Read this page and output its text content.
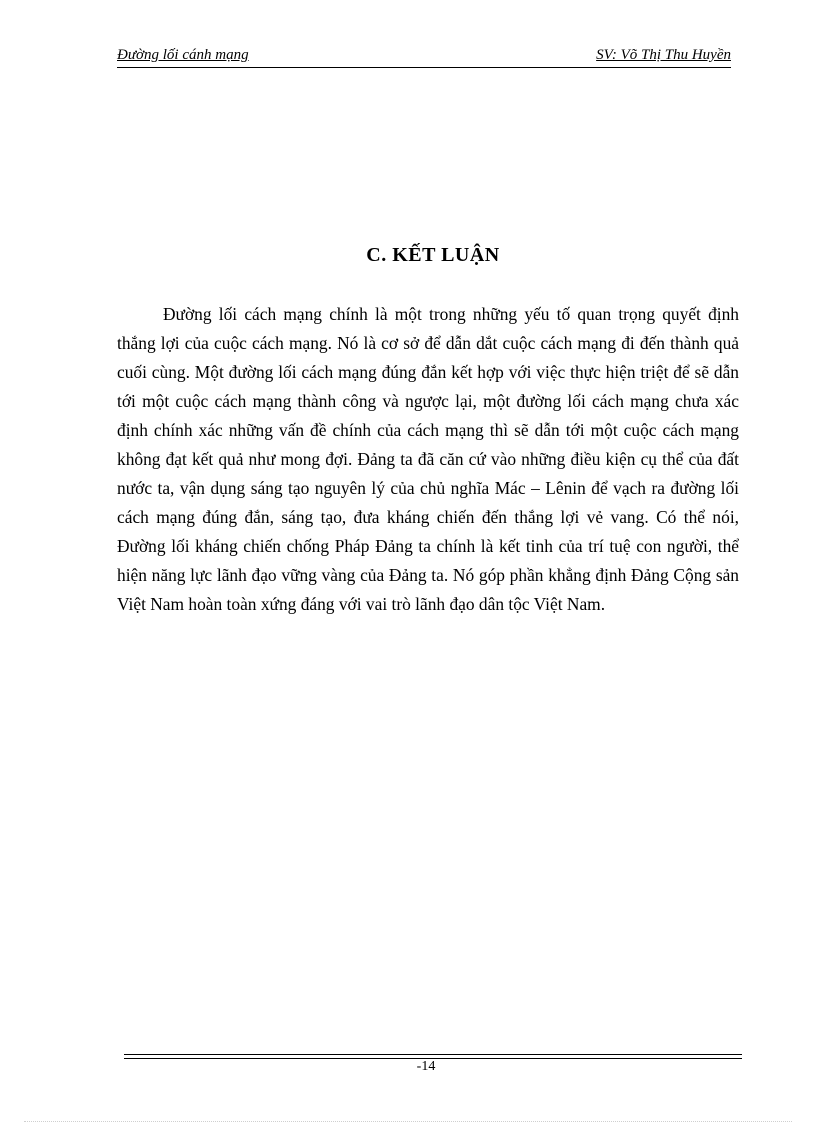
Đường lối cánh mạng	SV: Võ Thị Thu Huyền
C. KẾT LUẬN

Đường lối cách mạng chính là một trong những yếu tố quan trọng quyết định thắng lợi của cuộc cách mạng. Nó là cơ sở để dẫn dắt cuộc cách mạng đi đến thành quả cuối cùng. Một đường lối cách mạng đúng đắn kết hợp với việc thực hiện triệt để sẽ dẫn tới một cuộc cách mạng thành công và ngược lại, một đường lối cách mạng chưa xác định chính xác những vấn đề chính của cách mạng thì sẽ dẫn tới một cuộc cách mạng không đạt kết quả như mong đợi. Đảng ta đã căn cứ vào những điều kiện cụ thể của đất nước ta, vận dụng sáng tạo nguyên lý của chủ nghĩa Mác – Lênin để vạch ra đường lối cách mạng đúng đắn, sáng tạo, đưa kháng chiến đến thắng lợi vẻ vang. Có thể nói, Đường lối kháng chiến chống Pháp Đảng ta chính là kết tinh của trí tuệ con người, thể hiện năng lực lãnh đạo vững vàng của Đảng ta. Nó góp phần khẳng định Đảng Cộng sản Việt Nam hoàn toàn xứng đáng với vai trò lãnh đạo dân tộc Việt Nam.

-14
